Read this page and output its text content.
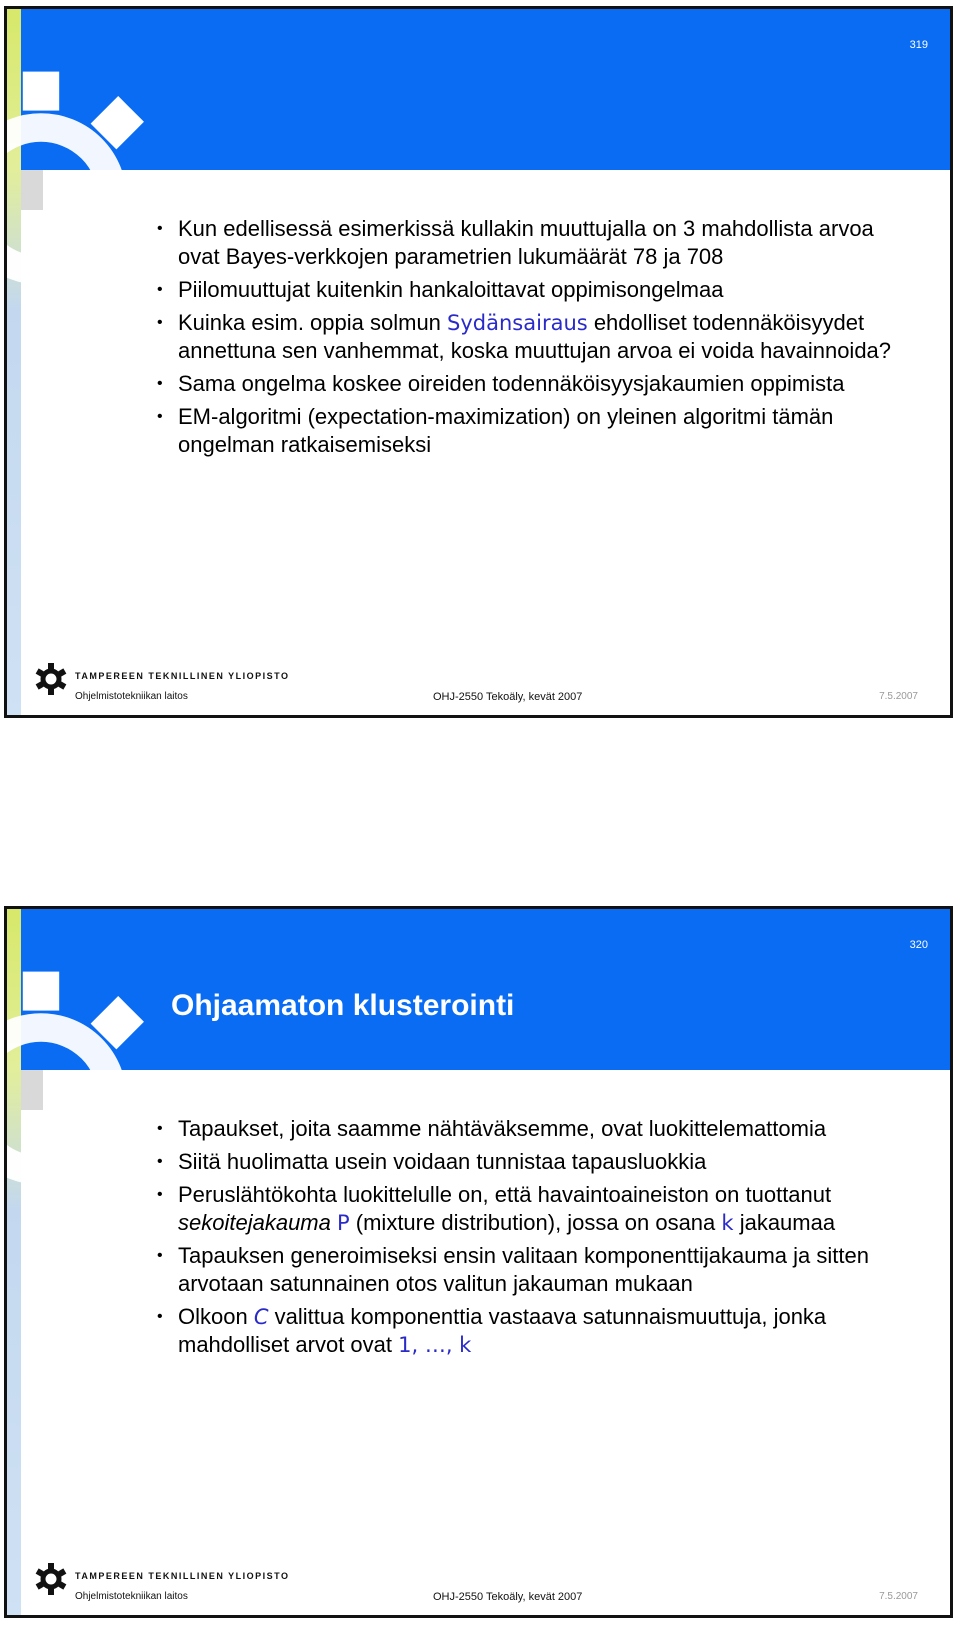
319
• Kun edellisessä esimerkissä kullakin muuttujalla on 3 mahdollista arvoa ovat Bayes-verkkojen parametrien lukumäärät 78 ja 708
• Piilomuuttujat kuitenkin hankaloittavat oppimisongelmaa
• Kuinka esim. oppia solmun Sydänsairaus ehdolliset todennäköisyydet annettuna sen vanhemmat, koska muuttujan arvoa ei voida havainnoida?
• Sama ongelma koskee oireiden todennäköisyysjakaumien oppimista
• EM-algoritmi (expectation-maximization) on yleinen algoritmi tämän ongelman ratkaisemiseksi
TAMPEREEN TEKNILLINEN YLIOPISTO
Ohjelmistotekniikan laitos	OHJ-2550 Tekoäly, kevät 2007	7.5.2007
320
Ohjaamaton klusterointi
• Tapaukset, joita saamme nähtäväksemme, ovat luokittelemattomia
• Siitä huolimatta usein voidaan tunnistaa tapausluokkia
• Peruslähtökohta luokittelulle on, että havaintoaineiston on tuottanut sekoitejakauma P (mixture distribution), jossa on osana k jakaumaa
• Tapauksen generoimiseksi ensin valitaan komponenttijakauma ja sitten arvotaan satunnainen otos valitun jakauman mukaan
• Olkoon C valittua komponenttia vastaava satunnaismuuttuja, jonka mahdolliset arvot ovat 1, …, k
TAMPEREEN TEKNILLINEN YLIOPISTO
Ohjelmistotekniikan laitos	OHJ-2550 Tekoäly, kevät 2007	7.5.2007
